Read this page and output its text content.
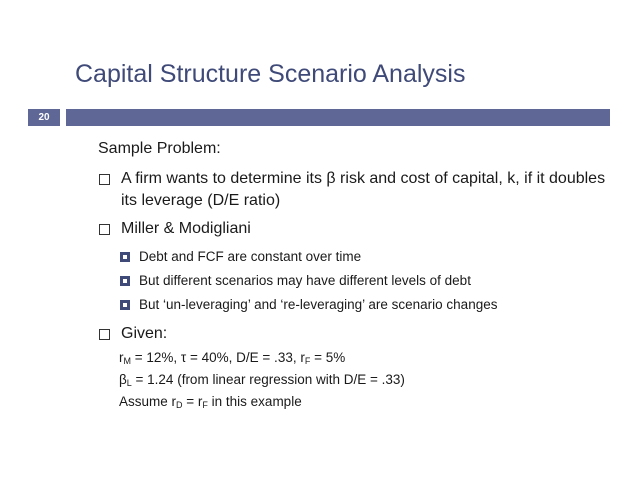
Capital Structure Scenario Analysis
20
Sample Problem:
A firm wants to determine its β risk and cost of capital, k, if it doubles its leverage (D/E ratio)
Miller & Modigliani
Debt and FCF are constant over time
But different scenarios may have different levels of debt
But ‘un-leveraging’ and ‘re-leveraging’ are scenario changes
Given:
$r_M = 12\%$, τ = 40%, D/E = .33, $r_F = 5\%$
$\beta_L = 1.24$ (from linear regression with D/E = .33)
Assume $r_D = r_F$ in this example
